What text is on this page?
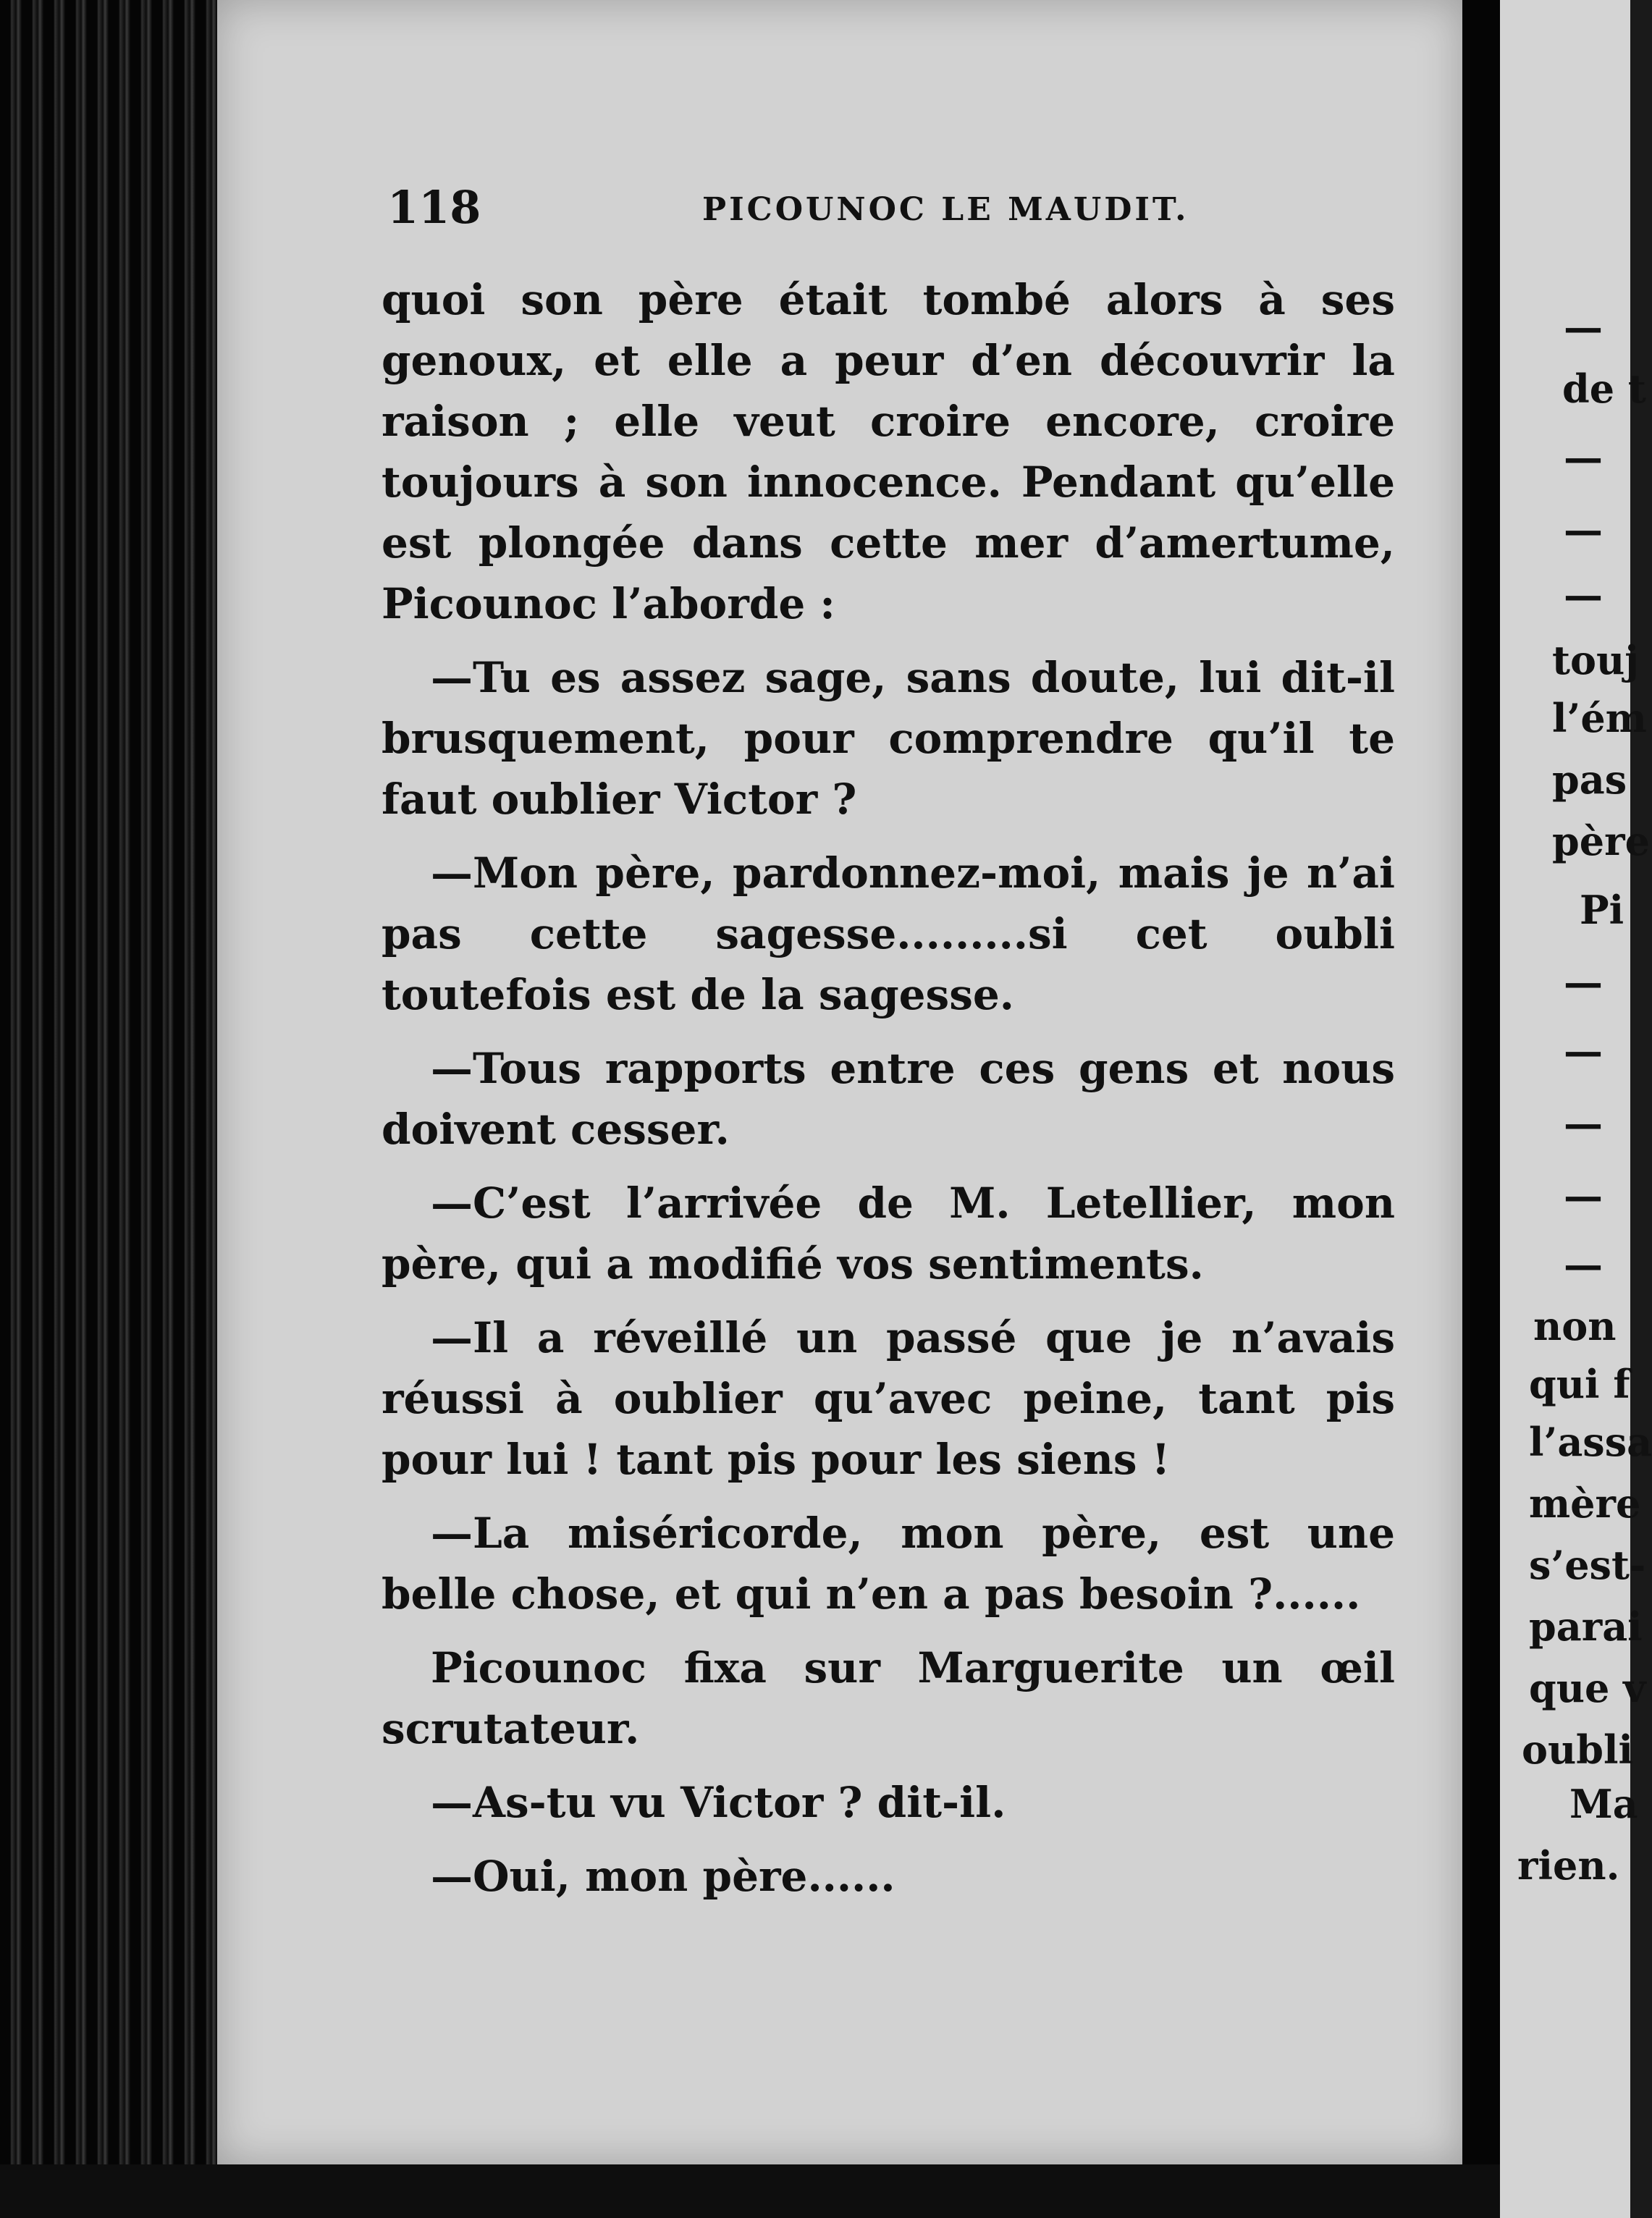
118	PICOUNOC LE MAUDIT.

quoi son père était tombé alors à ses genoux, et elle a peur d’en découvrir la raison ; elle veut croire encore, croire toujours à son innocence. Pendant qu’elle est plongée dans cette mer d’amertume, Picounoc l’aborde :

—Tu es assez sage, sans doute, lui dit-il brusquement, pour comprendre qu’il te faut oublier Victor ?

—Mon père, pardonnez-moi, mais je n’ai pas cette sagesse.........si cet oubli toutefois est de la sagesse.

—Tous rapports entre ces gens et nous doivent cesser.

—C’est l’arrivée de M. Letellier, mon père, qui a modifié vos sentiments.

—Il a réveillé un passé que je n’avais réussi à oublier qu’avec peine, tant pis pour lui ! tant pis pour les siens !

—La miséricorde, mon père, est une belle chose, et qui n’en a pas besoin ?......

Picounoc fixa sur Marguerite un œil scrutateur.

—As-tu vu Victor ? dit-il.

—Oui, mon père......

—
de t
—
—
—
touj
l’ém
pas
père
Pi
—
—
—
—
—
non
qui f
l’assa
mère
s’est-
parai
que v
oubli
Ma
rien.
